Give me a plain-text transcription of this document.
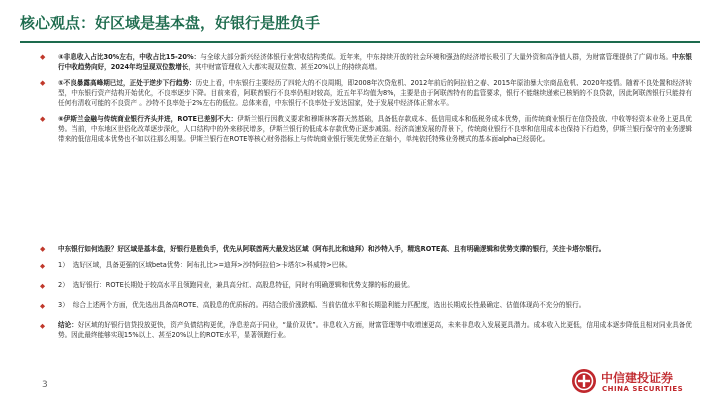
核心观点：好区域是基本盘，好银行是胜负手
◆ ④非息收入占比30%左右，中收占比15-20%：与全球大部分新兴经济体银行业营收结构类似。近年来，中东持续开放的社会环境和强劲的经济增长吸引了大量外资和高净值人群，为财富管理提供了广阔市场。中东银行中收趋势向好，2024年均呈现双位数增长，其中财富管理收入大都实现双位数、甚至20%以上的持续高增。
◆ ⑤不良暴露高峰期已过，正处于逆步下行趋势：历史上看，中东银行主要经历了四轮大的不良周期，即2008年次贷危机、2012年前后的阿拉伯之春、2015年原油暴大宗商品危机、2020年疫情。随着不良处置和经济转型，中东银行资产结构开始优化，不良率逐步下降。目前来看，阿联酋银行不良率仍相对较高，近五年平均值为8%，主要是由于阿联酋特有的监管要求，银行不能继续递索已核销的不良贷款，因此阿联酋银行只能持有任何有清收可能的不良资产 。沙特不良率处于2%左右的低位。总体来看，中东银行不良率处于发达国家，处于发展中经济体正常水平。
◆ ⑥伊斯兰金融与传统商业银行齐头并进，ROTE已差别不大：伊斯兰银行因教义要求和穆斯林客群天然基础，具备低存款成本、低信用成本和低税务成本优势，而传统商业银行在信贷投放、中收等轻资本业务上更具优势。当前，中东地区世俗化改革逐步深化，人口结构中的外来移民增多，伊斯兰银行的低成本存款优势正逐步减弱。经济高速发展的背景下，传统商业银行不良率和信用成本也保持下行趋势，伊斯兰银行保守的业务逻辑带来的低信用成本优势也不如以往那么明显。伊斯兰银行在ROTE等核心财务指标上与传统商业银行领先优势正在缩小，单纯依托特殊业务模式的基本面alpha已经弱化。
◆ 中东银行如何选股？好区域是基本盘，好银行是胜负手，优先从阿联酋两大最发达区域（阿布扎比和迪拜）和沙特入手，精选ROTE高、且有明确逻辑和优势支撑的银行，关注卡塔尔银行。
◆ 1） 选好区域，具备更强的区域beta优势：阿布扎比>=迪拜>沙特阿拉伯>卡塔尔>科威特>巴林。
◆ 2） 选好银行：ROTE长期处于较高水平且领跑同业，兼具高分红、高股息特征，同时有明确逻辑和优势支撑的标的最优。
◆ 3） 综合上述两个方面，优先选出具备高ROTE、高股息的优质标的。再结合股价涨跌幅、当前估值水平和长期盈利能力匹配度，选出长期成长性最确定、估值体现尚不充分的银行。
◆ 结论：好区域的好银行信贷投放更快，资产负债结构更优，净息差高于同业，“量价双优”。非息收入方面，财富管理等中收增速更高，未来非息收入发展更具潜力。成本收入比更低，信用成本逐步降低且相对同业具备优势。因此最终能够实现15%以上、甚至20%以上的ROTE水平，显著领跑行业。
3	中信建投证券
CHINA SECURITIES
